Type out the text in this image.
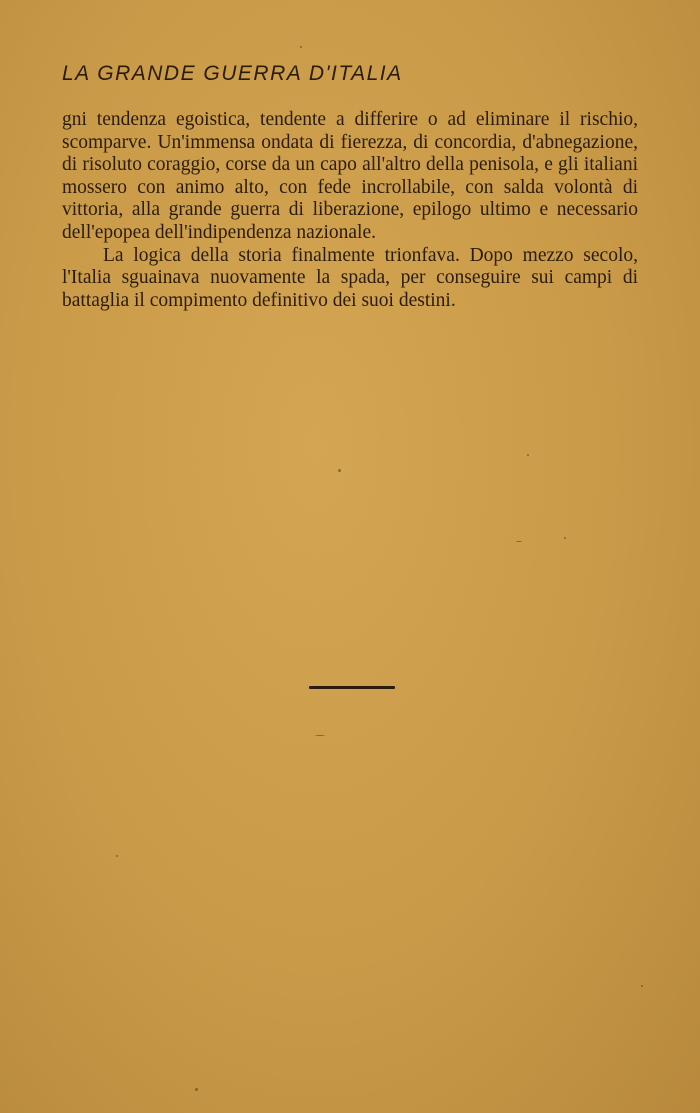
LA GRANDE GUERRA D'ITALIA

gni tendenza egoistica, tendente a differire o ad eliminare il rischio, scomparve. Un'immensa ondata di fierezza, di concordia, d'abnegazione, di risoluto coraggio, corse da un capo all'altro della penisola, e gli italiani mossero con animo alto, con fede incrollabile, con salda volontà di vittoria, alla grande guerra di liberazione, epilogo ultimo e necessario dell'epopea dell'indipendenza nazionale.

La logica della storia finalmente trionfava. Dopo mezzo secolo, l'Italia sguainava nuovamente la spada, per conseguire sui campi di battaglia il compimento definitivo dei suoi destini.
